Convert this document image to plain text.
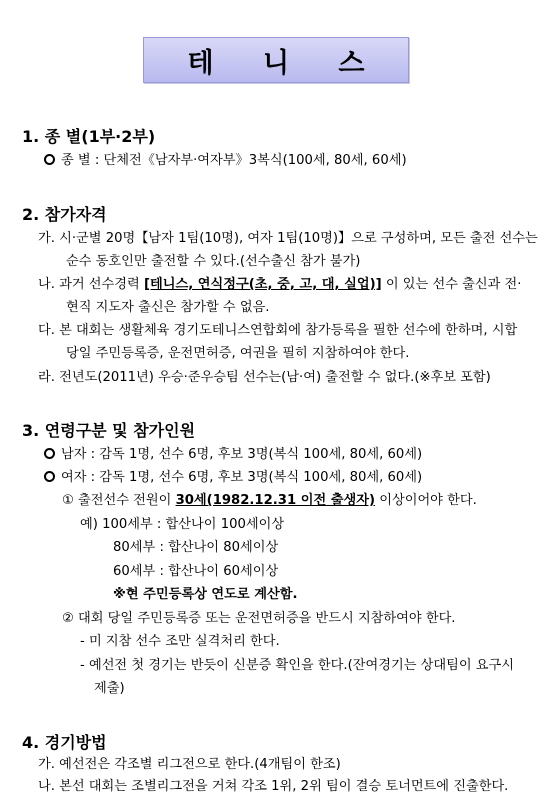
테 니 스
1. 종 별(1부·2부)
종 별 : 단체전《남자부·여자부》3복식(100세, 80세, 60세)
2. 참가자격
가. 시·군별 20명【남자 1팀(10명), 여자 1팀(10명)】으로 구성하며, 모든 출전 선수는
순수 동호인만 출전할 수 있다.(선수출신 참가 불가)
나. 과거 선수경력 [테니스, 연식정구(초, 중, 고, 대, 실업)] 이 있는 선수 출신과 전·
현직 지도자 출신은 참가할 수 없음.
다. 본 대회는 생활체육 경기도테니스연합회에 참가등록을 필한 선수에 한하며, 시합
당일 주민등록증, 운전면허증, 여권을 필히 지참하여야 한다.
라. 전년도(2011년) 우승·준우승팀 선수는(남·여) 출전할 수 없다.(※후보 포함)
3. 연령구분 및 참가인원
남자 : 감독 1명, 선수 6명, 후보 3명(복식 100세, 80세, 60세)
여자 : 감독 1명, 선수 6명, 후보 3명(복식 100세, 80세, 60세)
① 출전선수 전원이 30세(1982.12.31 이전 출생자) 이상이어야 한다.
예) 100세부 : 합산나이 100세이상
80세부 : 합산나이 80세이상
60세부 : 합산나이 60세이상
※현 주민등록상 연도로 계산함.
② 대회 당일 주민등록증 또는 운전면허증을 반드시 지참하여야 한다.
- 미 지참 선수 조만 실격처리 한다.
- 예선전 첫 경기는 반듯이 신분증 확인을 한다.(잔여경기는 상대팀이 요구시
제출)
4. 경기방법
가. 예선전은 각조별 리그전으로 한다.(4개팀이 한조)
나. 본선 대회는 조별리그전을 거쳐 각조 1위, 2위 팀이 결승 토너먼트에 진출한다.
